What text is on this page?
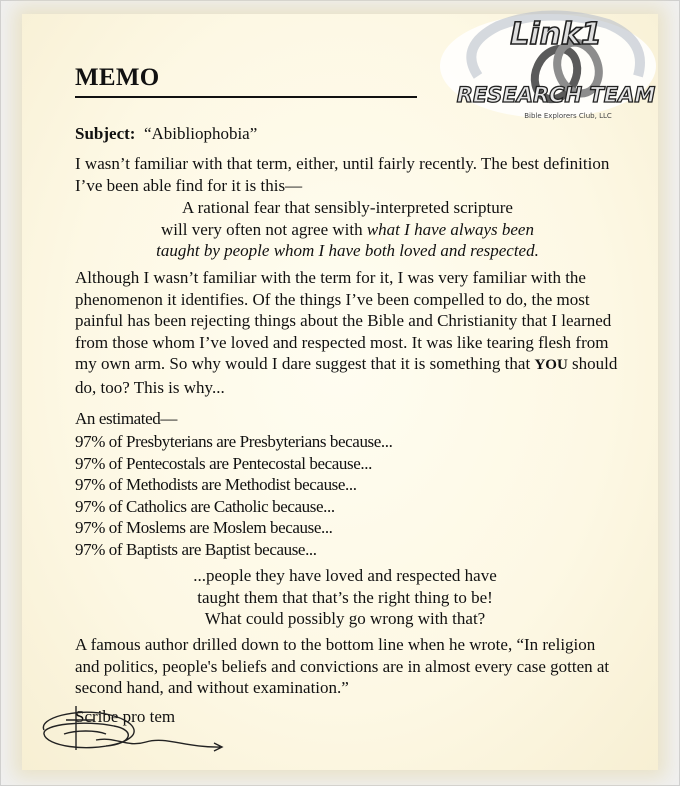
Link1
RESEARCH TEAM
Bible Explorers Club, LLC
MEMO
Subject: “Abibliophobia”
I wasn’t familiar with that term, either, until fairly recently. The best definition I’ve been able find for it is this—
A rational fear that sensibly-interpreted scripture
will very often not agree with what I have always been
taught by people whom I have both loved and respected.
Although I wasn’t familiar with the term for it, I was very familiar with the phenomenon it identifies. Of the things I’ve been compelled to do, the most painful has been rejecting things about the Bible and Christianity that I learned from those whom I’ve loved and respected most. It was like tearing flesh from my own arm. So why would I dare suggest that it is something that YOU should do, too? This is why...
An estimated—
97% of Presbyterians are Presbyterians because...
97% of Pentecostals are Pentecostal because...
97% of Methodists are Methodist because...
97% of Catholics are Catholic because...
97% of Moslems are Moslem because...
97% of Baptists are Baptist because...
...people they have loved and respected have
taught them that that’s the right thing to be!
What could possibly go wrong with that?
A famous author drilled down to the bottom line when he wrote, “In religion and politics, people's beliefs and convictions are in almost every case gotten at second hand, and without examination.”
Scribe pro tem
